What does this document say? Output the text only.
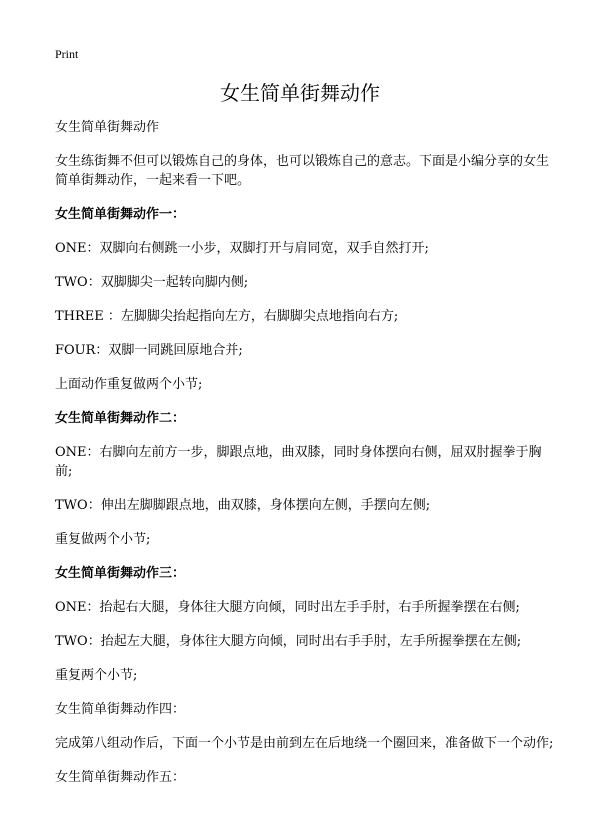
Print
女生简单街舞动作

女生简单街舞动作

女生练街舞不但可以锻炼自己的身体，也可以锻炼自己的意志。下面是小编分享的女生简单街舞动作，一起来看一下吧。

女生简单街舞动作一：

ONE：双脚向右侧跳一小步，双脚打开与肩同宽，双手自然打开;

TWO：双脚脚尖一起转向脚内侧;

THREE ：左脚脚尖抬起指向左方，右脚脚尖点地指向右方;

FOUR：双脚一同跳回原地合并;

上面动作重复做两个小节;

女生简单街舞动作二：

ONE：右脚向左前方一步，脚跟点地，曲双膝，同时身体摆向右侧，屈双肘握拳于胸前;

TWO：伸出左脚脚跟点地，曲双膝，身体摆向左侧，手摆向左侧;

重复做两个小节;

女生简单街舞动作三：

ONE：抬起右大腿，身体往大腿方向倾，同时出左手手肘，右手所握拳摆在右侧;

TWO：抬起左大腿，身体往大腿方向倾，同时出右手手肘，左手所握拳摆在左侧;

重复两个小节;

女生简单街舞动作四：

完成第八组动作后，下面一个小节是由前到左在后地绕一个圈回来，准备做下一个动作;

女生简单街舞动作五：
